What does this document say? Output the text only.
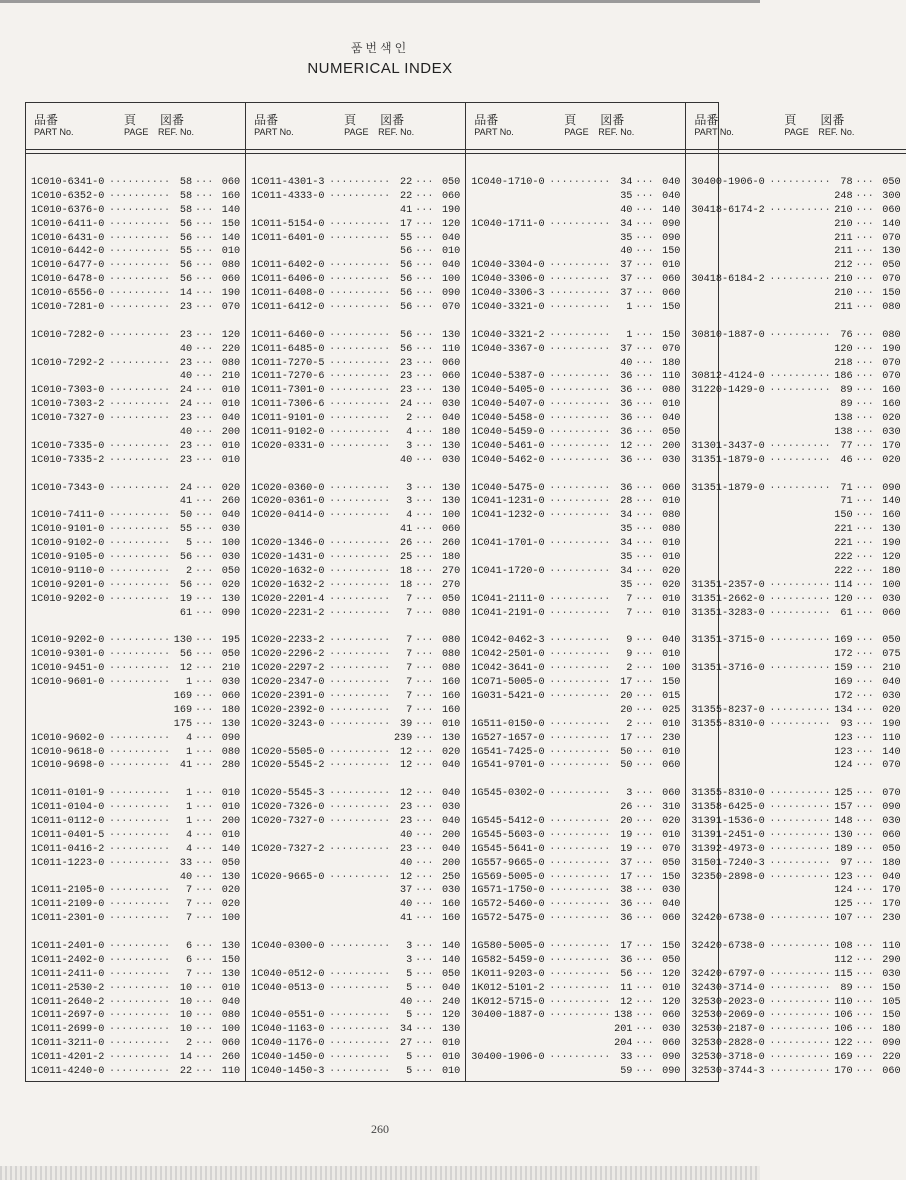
품번색인
NUMERICAL INDEX
品番	頁 図番
PART No.	PAGE REF. No.
1C010-6341-0 ·········· 58 ··· 060
1C010-6352-0 ·········· 58 ··· 160
1C010-6376-0 ·········· 58 ··· 140
1C010-6411-0 ·········· 56 ··· 150
1C010-6431-0 ·········· 56 ··· 140
1C010-6442-0 ·········· 55 ··· 010
1C010-6477-0 ·········· 56 ··· 080
1C010-6478-0 ·········· 56 ··· 060
1C010-6556-0 ·········· 14 ··· 190
1C010-7281-0 ·········· 23 ··· 070
1C010-7282-0 ·········· 23 ··· 120
40 ··· 220
1C010-7292-2 ·········· 23 ··· 080
40 ··· 210
1C010-7303-0 ·········· 24 ··· 010
1C010-7303-2 ·········· 24 ··· 010
1C010-7327-0 ·········· 23 ··· 040
40 ··· 200
1C010-7335-0 ·········· 23 ··· 010
1C010-7335-2 ·········· 23 ··· 010
1C010-7343-0 ·········· 24 ··· 020
41 ··· 260
1C010-7411-0 ·········· 50 ··· 040
1C010-9101-0 ·········· 55 ··· 030
1C010-9102-0 ··········	5 ··· 100
1C010-9105-0 ·········· 56 ··· 030
1C010-9110-0 ··········	2 ··· 050
1C010-9201-0 ·········· 56 ··· 020
1C010-9202-0 ·········· 19 ··· 130
61 ··· 090
1C010-9202-0 ·········· 130 ··· 195
1C010-9301-0 ·········· 56 ··· 050
1C010-9451-0 ·········· 12 ··· 210
1C010-9601-0 ··········	1 ··· 030
169 ··· 060
169 ··· 180
175 ··· 130
1C010-9602-0 ··········	4 ··· 090
1C010-9618-0 ··········	1 ··· 080
1C010-9698-0 ·········· 41 ··· 280
1C011-0101-9 ··········	1 ··· 010
1C011-0104-0 ··········	1 ··· 010
1C011-0112-0 ··········	1 ··· 200
1C011-0401-5 ··········	4 ··· 010
1C011-0416-2 ··········	4 ··· 140
1C011-1223-0 ·········· 33 ··· 050
40 ··· 130
1C011-2105-0 ··········	7 ··· 020
1C011-2109-0 ··········	7 ··· 020
1C011-2301-0 ··········	7 ··· 100
1C011-2401-0 ··········	6 ··· 130
1C011-2402-0 ··········	6 ··· 150
1C011-2411-0 ··········	7 ··· 130
1C011-2530-2 ·········· 10 ··· 010
1C011-2640-2 ·········· 10 ··· 040
1C011-2697-0 ·········· 10 ··· 080
1C011-2699-0 ·········· 10 ··· 100
1C011-3211-0 ··········	2 ··· 060
1C011-4201-2 ·········· 14 ··· 260
1C011-4240-0 ·········· 22 ··· 110
品番	頁 図番
PART No.	PAGE REF. No.
1C011-4301-3 ·········· 22 ··· 050
1C011-4333-0 ·········· 22 ··· 060
41 ··· 190
1C011-5154-0 ·········· 17 ··· 120
1C011-6401-0 ·········· 55 ··· 040
56 ··· 010
1C011-6402-0 ·········· 56 ··· 040
1C011-6406-0 ·········· 56 ··· 100
1C011-6408-0 ·········· 56 ··· 090
1C011-6412-0 ·········· 56 ··· 070
1C011-6460-0 ·········· 56 ··· 130
1C011-6485-0 ·········· 56 ··· 110
1C011-7270-5 ·········· 23 ··· 060
1C011-7270-6 ·········· 23 ··· 060
1C011-7301-0 ·········· 23 ··· 130
1C011-7306-6 ·········· 24 ··· 030
1C011-9101-0 ··········	2 ··· 040
1C011-9102-0 ··········	4 ··· 180
1C020-0331-0 ··········	3 ··· 130
40 ··· 030
1C020-0360-0 ··········	3 ··· 130
1C020-0361-0 ··········	3 ··· 130
1C020-0414-0 ··········	4 ··· 100
41 ··· 060
1C020-1346-0 ·········· 26 ··· 260
1C020-1431-0 ·········· 25 ··· 180
1C020-1632-0 ·········· 18 ··· 270
1C020-1632-2 ·········· 18 ··· 270
1C020-2201-4 ··········	7 ··· 050
1C020-2231-2 ··········	7 ··· 080
1C020-2233-2 ··········	7 ··· 080
1C020-2296-2 ··········	7 ··· 080
1C020-2297-2 ··········	7 ··· 080
1C020-2347-0 ··········	7 ··· 160
1C020-2391-0 ··········	7 ··· 160
1C020-2392-0 ··········	7 ··· 160
1C020-3243-0 ·········· 39 ··· 010
239 ··· 130
1C020-5505-0 ·········· 12 ··· 020
1C020-5545-2 ·········· 12 ··· 040
1C020-5545-3 ·········· 12 ··· 040
1C020-7326-0 ·········· 23 ··· 030
1C020-7327-0 ·········· 23 ··· 040
40 ··· 200
1C020-7327-2 ·········· 23 ··· 040
40 ··· 200
1C020-9665-0 ·········· 12 ··· 250
37 ··· 030
40 ··· 160
41 ··· 160
1C040-0300-0 ··········	3 ··· 140
3 ··· 140
1C040-0512-0 ··········	5 ··· 050
1C040-0513-0 ··········	5 ··· 040
40 ··· 240
1C040-0551-0 ··········	5 ··· 120
1C040-1163-0 ·········· 34 ··· 130
1C040-1176-0 ·········· 27 ··· 010
1C040-1450-0 ··········	5 ··· 010
1C040-1450-3 ··········	5 ··· 010
品番	頁 図番
PART No.	PAGE REF. No.
1C040-1710-0 ·········· 34 ··· 040
35 ··· 040
40 ··· 140
1C040-1711-0 ·········· 34 ··· 090
35 ··· 090
40 ··· 150
1C040-3304-0 ·········· 37 ··· 010
1C040-3306-0 ·········· 37 ··· 060
1C040-3306-3 ·········· 37 ··· 060
1C040-3321-0 ··········	1 ··· 150
1C040-3321-2 ··········	1 ··· 150
1C040-3367-0 ·········· 37 ··· 070
40 ··· 180
1C040-5387-0 ·········· 36 ··· 110
1C040-5405-0 ·········· 36 ··· 080
1C040-5407-0 ·········· 36 ··· 010
1C040-5458-0 ·········· 36 ··· 040
1C040-5459-0 ·········· 36 ··· 050
1C040-5461-0 ·········· 12 ··· 200
1C040-5462-0 ·········· 36 ··· 030
1C040-5475-0 ·········· 36 ··· 060
1C041-1231-0 ·········· 28 ··· 010
1C041-1232-0 ·········· 34 ··· 080
35 ··· 080
1C041-1701-0 ·········· 34 ··· 010
35 ··· 010
1C041-1720-0 ·········· 34 ··· 020
35 ··· 020
1C041-2111-0 ··········	7 ··· 010
1C041-2191-0 ··········	7 ··· 010
1C042-0462-3 ··········	9 ··· 040
1C042-2501-0 ··········	9 ··· 010
1C042-3641-0 ··········	2 ··· 100
1C071-5005-0 ·········· 17 ··· 150
1G031-5421-0 ·········· 20 ··· 015
20 ··· 025
1G511-0150-0 ··········	2 ··· 010
1G527-1657-0 ·········· 17 ··· 230
1G541-7425-0 ·········· 50 ··· 010
1G541-9701-0 ·········· 50 ··· 060
1G545-0302-0 ··········	3 ··· 060
26 ··· 310
1G545-5412-0 ·········· 20 ··· 020
1G545-5603-0 ·········· 19 ··· 010
1G545-5641-0 ·········· 19 ··· 070
1G557-9665-0 ·········· 37 ··· 050
1G569-5005-0 ·········· 17 ··· 150
1G571-1750-0 ·········· 38 ··· 030
1G572-5460-0 ·········· 36 ··· 040
1G572-5475-0 ·········· 36 ··· 060
1G580-5005-0 ·········· 17 ··· 150
1G582-5459-0 ·········· 36 ··· 050
1K011-9203-0 ·········· 56 ··· 120
1K012-5101-2 ·········· 11 ··· 010
1K012-5715-0 ·········· 12 ··· 120
30400-1887-0 ·········· 138 ··· 060
201 ··· 030
204 ··· 060
30400-1906-0 ·········· 33 ··· 090
59 ··· 090
品番	頁 図番
PART No.	PAGE REF. No.
30400-1906-0 ·········· 78 ··· 050
248 ··· 300
30418-6174-2 ·········· 210 ··· 060
210 ··· 140
211 ··· 070
211 ··· 130
212 ··· 050
30418-6184-2 ·········· 210 ··· 070
210 ··· 150
211 ··· 080
30810-1887-0 ·········· 76 ··· 080
120 ··· 190
218 ··· 070
30812-4124-0 ·········· 186 ··· 070
31220-1429-0 ·········· 89 ··· 160
89 ··· 160
138 ··· 020
138 ··· 030
31301-3437-0 ·········· 77 ··· 170
31351-1879-0 ·········· 46 ··· 020
31351-1879-0 ·········· 71 ··· 090
71 ··· 140
150 ··· 160
221 ··· 130
221 ··· 190
222 ··· 120
222 ··· 180
31351-2357-0 ·········· 114 ··· 100
31351-2662-0 ·········· 120 ··· 030
31351-3283-0 ·········· 61 ··· 060
31351-3715-0 ·········· 169 ··· 050
172 ··· 075
31351-3716-0 ·········· 159 ··· 210
169 ··· 040
172 ··· 030
31355-8237-0 ·········· 134 ··· 020
31355-8310-0 ·········· 93 ··· 190
123 ··· 110
123 ··· 140
124 ··· 070
31355-8310-0 ·········· 125 ··· 070
31358-6425-0 ·········· 157 ··· 090
31391-1536-0 ·········· 148 ··· 030
31391-2451-0 ·········· 130 ··· 060
31392-4973-0 ·········· 189 ··· 050
31501-7240-3 ·········· 97 ··· 180
32350-2898-0 ·········· 123 ··· 040
124 ··· 170
125 ··· 170
32420-6738-0 ·········· 107 ··· 230
32420-6738-0 ·········· 108 ··· 110
112 ··· 290
32420-6797-0 ·········· 115 ··· 030
32430-3714-0 ·········· 89 ··· 150
32530-2023-0 ·········· 110 ··· 105
32530-2069-0 ·········· 106 ··· 150
32530-2187-0 ·········· 106 ··· 180
32530-2828-0 ·········· 122 ··· 090
32530-3718-0 ·········· 169 ··· 220
32530-3744-3 ·········· 170 ··· 060
260
